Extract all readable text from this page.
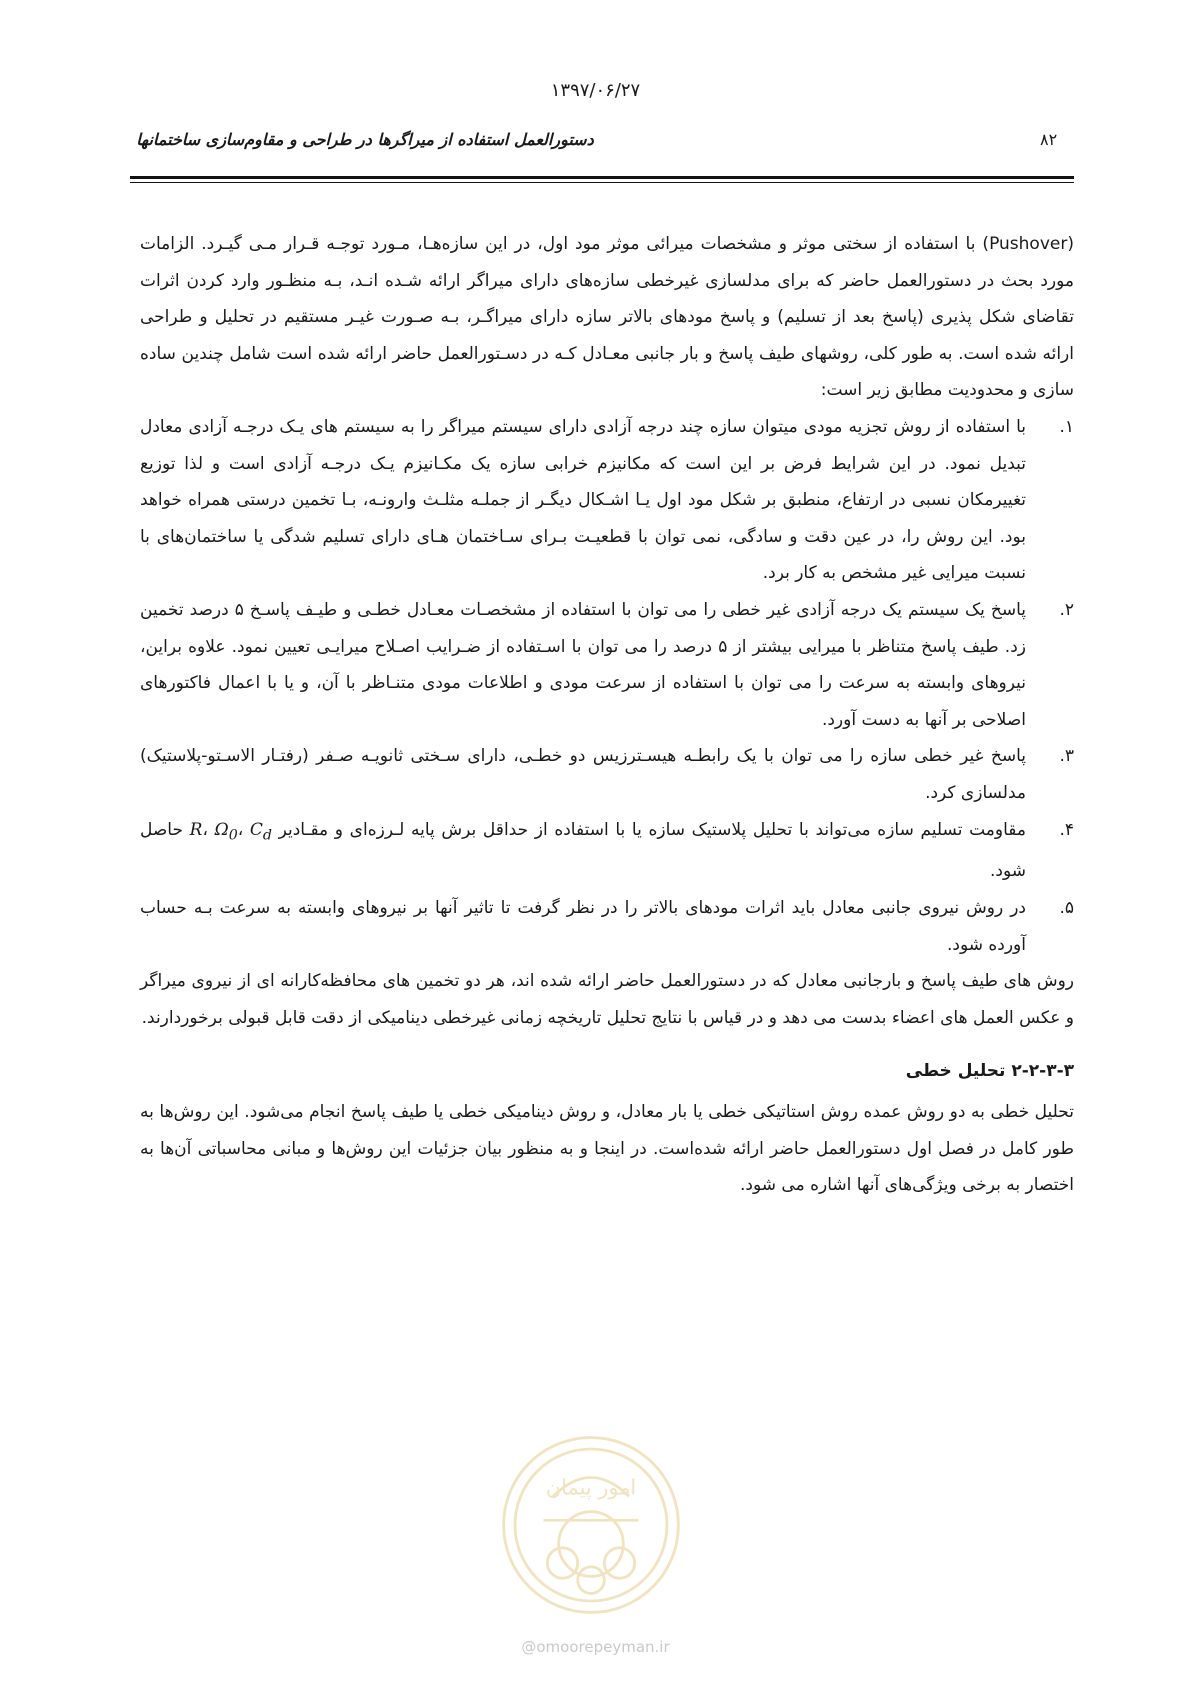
۱۳۹۷/۰۶/۲۷
دستورالعمل استفاده از میراگرها در طراحی و مقاوم‌سازی ساختمانها	۸۲

(Pushover) با استفاده از سختی موثر و مشخصات میرائی موثر مود اول، در این سازه‌هـا، مـورد توجـه قـرار مـی گیـرد. الزامات مورد بحث در دستورالعمل حاضر که برای مدلسازی غیرخطی سازه‌های دارای میراگر ارائه شـده انـد، بـه منظـور وارد کردن اثرات تقاضای شکل پذیری (پاسخ بعد از تسلیم) و پاسخ مودهای بالاتر سازه دارای میراگـر، بـه صـورت غیـر مستقیم در تحلیل و طراحی ارائه شده است. به طور کلی، روشهای طیف پاسخ و بار جانبی معـادل کـه در دسـتورالعمل حاضر ارائه شده است شامل چندین ساده سازی و محدودیت مطابق زیر است:

۱.
با استفاده از روش تجزیه مودی میتوان سازه چند درجه آزادی دارای سیستم میراگر را به سیستم های یـک درجـه آزادی معادل تبدیل نمود. در این شرایط فرض بر این است که مکانیزم خرابی سازه یک مکـانیزم یـک درجـه آزادی است و لذا توزیع تغییرمکان نسبی در ارتفاع، منطبق بر شکل مود اول یـا اشـکال دیگـر از جملـه مثلـث وارونـه، بـا تخمین درستی همراه خواهد بود. این روش را، در عین دقت و سادگی، نمی توان با قطعیـت بـرای سـاختمان هـای دارای تسلیم شدگی یا ساختمان‌های با نسبت میرایی غیر مشخص به کار برد.
۲.
پاسخ یک سیستم یک درجه آزادی غیر خطی را می توان با استفاده از مشخصـات معـادل خطـی و طیـف پاسـخ ۵ درصد تخمین زد. طیف پاسخ متناظر با میرایی بیشتر از ۵ درصد را می توان با اسـتفاده از ضـرایب اصـلاح میرایـی تعیین نمود. علاوه براین، نیروهای وابسته به سرعت را می توان با استفاده از سرعت مودی و اطلاعات مودی متنـاظر با آن، و یا با اعمال فاکتورهای اصلاحی بر آنها به دست آورد.
۳.
پاسخ غیر خطی سازه را می توان با یک رابطـه هیسـترزیس دو خطـی، دارای سـختی ثانویـه صـفر (رفتـار الاسـتو-پلاستیک) مدلسازی کرد.
۴.
مقاومت تسلیم سازه می‌تواند با تحلیل پلاستیک سازه یا با استفاده از حداقل برش پایه لـرزه‌ای و مقـادیر R، $\Omega_0،$ $C_d$ حاصل شود.
۵.
در روش نیروی جانبی معادل باید اثرات مودهای بالاتر را در نظر گرفت تا تاثیر آنها بر نیروهای وابسته به سرعت بـه حساب آورده شود.

روش های طیف پاسخ و بارجانبی معادل که در دستورالعمل حاضر ارائه شده اند، هر دو تخمین های محافظه‌کارانه ای از نیروی میراگر و عکس العمل های اعضاء بدست می دهد و در قیاس با نتایج تحلیل تاریخچه زمانی غیرخطی دینامیکی از دقت قابل قبولی برخوردارند.

۲-۲-۳-۳ تحلیل خطی

تحلیل خطی به دو روش عمده روش استاتیکی خطی یا بار معادل، و روش دینامیکی خطی یا طیف پاسخ انجام می‌شود. این روش‌ها به طور کامل در فصل اول دستورالعمل حاضر ارائه شده‌است. در اینجا و به منظور بیان جزئیات این روش‌ها و مبانی محاسباتی آن‌ها به اختصار به برخی ویژگی‌های آنها اشاره می شود.

امور پیمان
@omoorepeyman.ir
